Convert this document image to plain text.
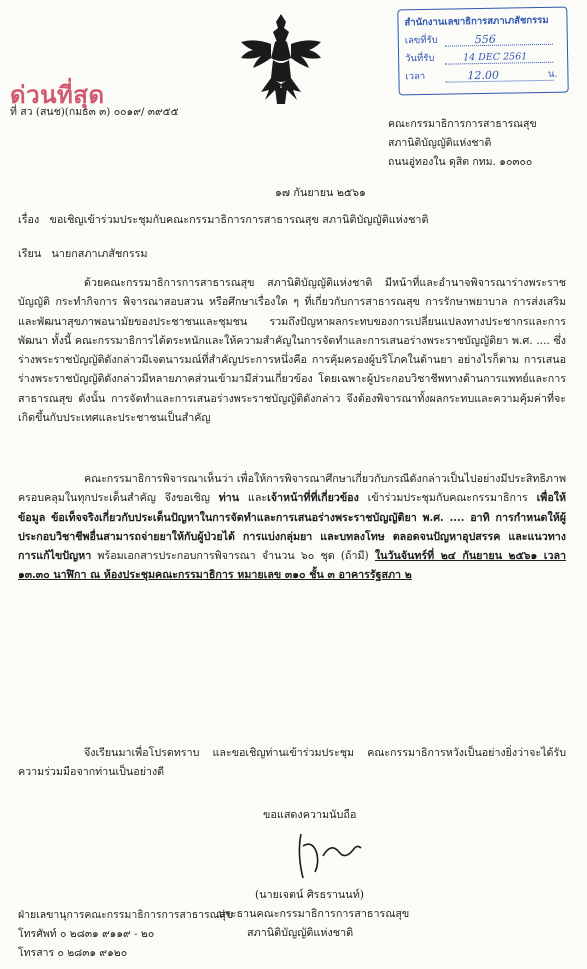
ด่วนที่สุด
ที่ สว (สนช)(กมธ๓ ๓) ๐๐๑๙/ ๓๙๕๕
สำนักงานเลขาธิการสภาเภสัชกรรม
เลขที่รับ	556
วันที่รับ	14 DEC 2561
เวลา	12.00	น.
คณะกรรมาธิการการสาธารณสุข
สภานิติบัญญัติแห่งชาติ
ถนนอู่ทองใน ดุสิต กทม. ๑๐๓๐๐
๑๗ กันยายน ๒๕๖๑
เรื่อง ขอเชิญเข้าร่วมประชุมกับคณะกรรมาธิการการสาธารณสุข สภานิติบัญญัติแห่งชาติ
เรียน นายกสภาเภสัชกรรม
ด้วยคณะกรรมาธิการการสาธารณสุข สภานิติบัญญัติแห่งชาติ มีหน้าที่และอำนาจพิจารณาร่างพระราชบัญญัติ กระทำกิจการ พิจารณาสอบสวน หรือศึกษาเรื่องใด ๆ ที่เกี่ยวกับการสาธารณสุข การรักษาพยาบาล การส่งเสริมและพัฒนาสุขภาพอนามัยของประชาชนและชุมชน รวมถึงปัญหาผลกระทบของการเปลี่ยนแปลงทางประชากรและการพัฒนา ทั้งนี้ คณะกรรมาธิการได้ตระหนักและให้ความสำคัญในการจัดทำและการเสนอร่างพระราชบัญญัติยา พ.ศ. .... ซึ่งร่างพระราชบัญญัติดังกล่าวมีเจตนารมณ์ที่สำคัญประการหนึ่งคือ การคุ้มครองผู้บริโภคในด้านยา อย่างไรก็ตาม การเสนอร่างพระราชบัญญัติดังกล่าวมีหลายภาคส่วนเข้ามามีส่วนเกี่ยวข้อง โดยเฉพาะผู้ประกอบวิชาชีพทางด้านการแพทย์และการสาธารณสุข ดังนั้น การจัดทำและการเสนอร่างพระราชบัญญัติดังกล่าว จึงต้องพิจารณาทั้งผลกระทบและความคุ้มค่าที่จะเกิดขึ้นกับประเทศและประชาชนเป็นสำคัญ
คณะกรรมาธิการพิจารณาเห็นว่า เพื่อให้การพิจารณาศึกษาเกี่ยวกับกรณีดังกล่าวเป็นไปอย่างมีประสิทธิภาพครอบคลุมในทุกประเด็นสำคัญ จึงขอเชิญ ท่าน และเจ้าหน้าที่ที่เกี่ยวข้อง เข้าร่วมประชุมกับคณะกรรมาธิการ เพื่อให้ข้อมูล ข้อเท็จจริงเกี่ยวกับประเด็นปัญหาในการจัดทำและการเสนอร่างพระราชบัญญัติยา พ.ศ. .... อาทิ การกำหนดให้ผู้ประกอบวิชาชีพอื่นสามารถจ่ายยาให้กับผู้ป่วยได้ การแบ่งกลุ่มยา และบทลงโทษ ตลอดจนปัญหาอุปสรรค และแนวทางการแก้ไขปัญหา พร้อมเอกสารประกอบการพิจารณา จำนวน ๖๐ ชุด (ถ้ามี) ในวันจันทร์ที่ ๒๔ กันยายน ๒๕๖๑ เวลา ๑๓.๓๐ นาฬิกา ณ ห้องประชุมคณะกรรมาธิการ หมายเลข ๓๑๐ ชั้น ๓ อาคารรัฐสภา ๒
จึงเรียนมาเพื่อโปรดทราบ และขอเชิญท่านเข้าร่วมประชุม คณะกรรมาธิการหวังเป็นอย่างยิ่งว่าจะได้รับความร่วมมือจากท่านเป็นอย่างดี
ขอแสดงความนับถือ
(นายเจตน์ ศิรธรานนท์)
ประธานคณะกรรมาธิการการสาธารณสุข
สภานิติบัญญัติแห่งชาติ
ฝ่ายเลขานุการคณะกรรมาธิการการสาธารณสุข
โทรศัพท์ ๐ ๒๘๓๑ ๙๑๑๙ - ๒๐
โทรสาร ๐ ๒๘๓๑ ๙๑๒๐
